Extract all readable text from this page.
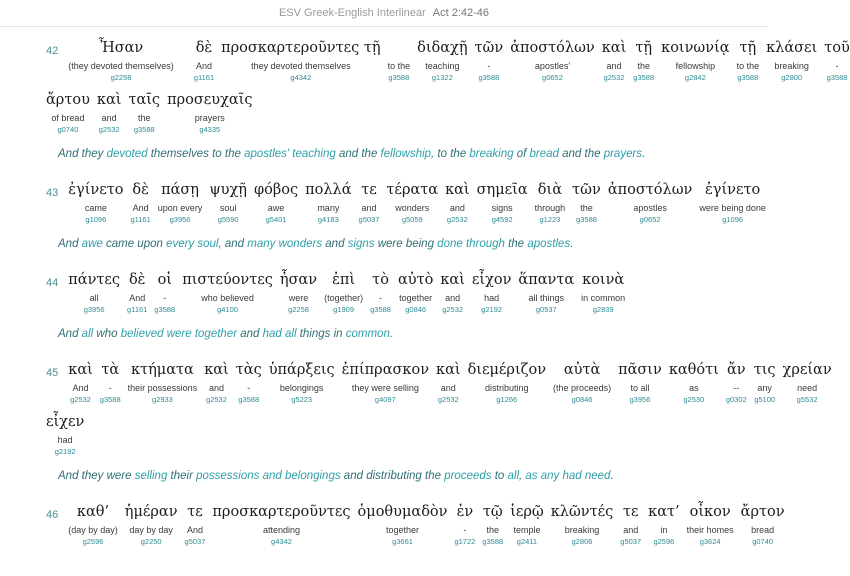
ESV Greek-English Interlinear Act 2:42-46
42	Ἦσαν
(they devoted themselves)
g2258
δὲ
And
g1161
προσκαρτεροῦντες τῇ
they devoted themselves
g4342
to the
g3588
διδαχῇ
teaching
g1322
τῶν
-
g3588
ἀποστόλων
apostles'
g0652
καὶ
and
g2532
τῇ
the
g3588
κοινωνίᾳ
fellowship
g2842
τῇ
to the
g3588
κλάσει
breaking
g2800
τοῦ
-
g3588
ἄρτου
of bread
g0740
καὶ
and
g2532
ταῖς
the
g3588
προσευχαῖς
prayers
g4335
And they devoted themselves to the apostles' teaching and the fellowship, to the breaking of bread and the prayers.
43 ἐγίνετο
came
g1096
δὲ
And
g1161
πάσῃ
upon every
g3956
ψυχῇ
soul
g5590
φόβος
awe
g5401
πολλά
many
g4183
τε
and
g5037
τέρατα
wonders
g5059
καὶ
and
g2532
σημεῖα
signs
g4592
διὰ
through
g1223
τῶν
the
g3588
ἀποστόλων
apostles
g0652
ἐγίνετο
were being done
g1096
And awe came upon every soul, and many wonders and signs were being done through the apostles.
44 πάντες
all
g3956
δὲ
And
g1161
οἱ
-
g3588
πιστεύοντες
who believed
g4100
ἦσαν
were
g2258
ἐπὶ
(together)
g1909
τὸ
-
g3588
αὐτὸ
together
g0846
καὶ
and
g2532
εἶχον
had
g2192
ἅπαντα
all things
g0537
κοινὰ
in common
g2839
And all who believed were together and had all things in common.
45 καὶ
And
g2532
τὰ
-
g3588
κτήματα
their possessions
g2933
καὶ
and
g2532
τὰς
-
g3588
ὑπάρξεις
belongings
g5223
ἐπίπρασκον
they were selling
g4097
καὶ
and
g2532
διεμέριζον
distributing
g1266
αὐτὰ
(the proceeds)
g0846
πᾶσιν
to all
g3956
καθότι
as
g2530
ἄν
--
g0302
τις
any
g5100
χρείαν
need
g5532
εἶχεν
had
g2192
And they were selling their possessions and belongings and distributing the proceeds to all, as any had need.
46 καθ’
(day by day)
g2596
ἡμέραν
day by day
g2250
τε
And
g5037
προσκαρτεροῦντες
attending
g4342
ὁμοθυμαδὸν
together
g3661
ἐν
-
g1722
τῷ
the
g3588
ἱερῷ
temple
g2411
κλῶντές
breaking
g2806
τε
and
g5037
κατ’
in
g2596
οἶκον
their homes
g3624
ἄρτον
bread
g0740
